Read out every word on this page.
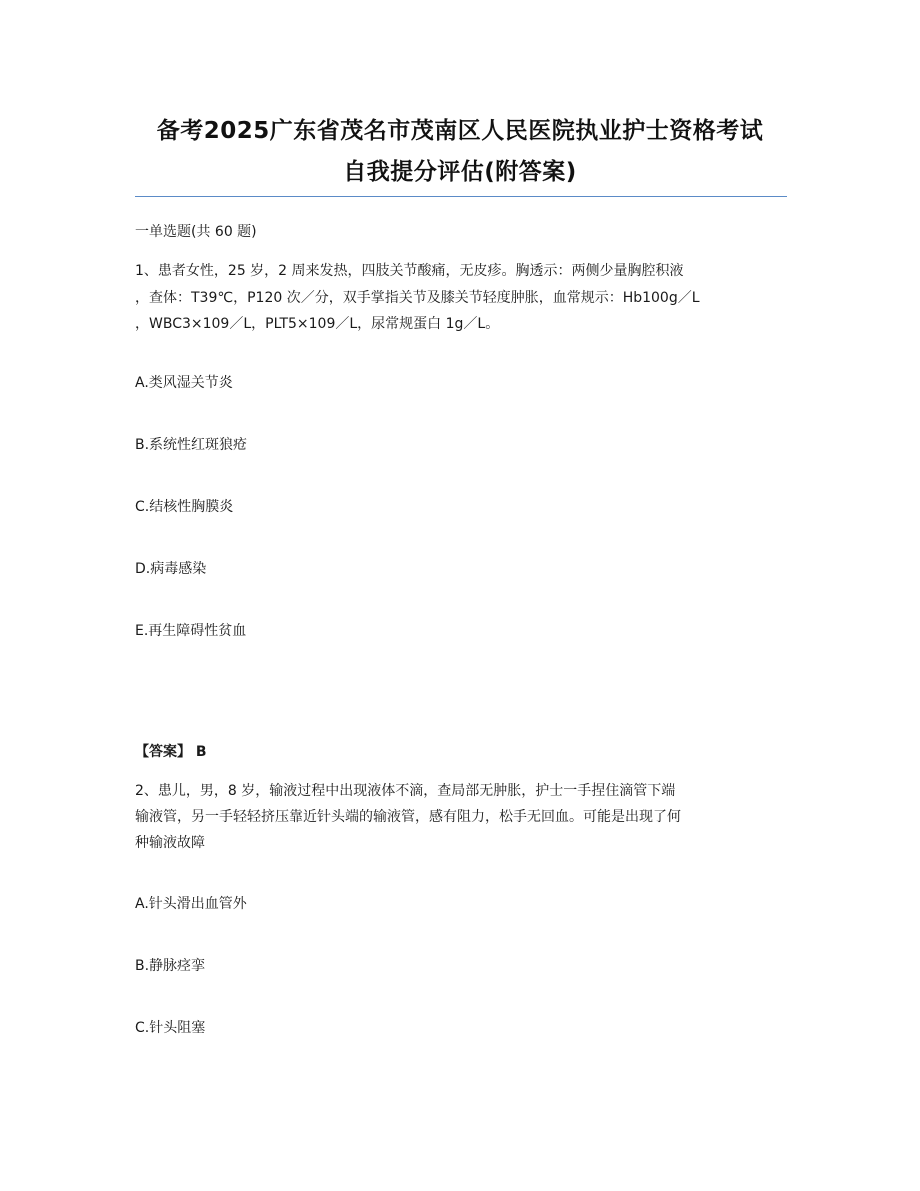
备考2025广东省茂名市茂南区人民医院执业护士资格考试
自我提分评估(附答案)
一单选题(共 60 题)
1、患者女性，25 岁，2 周来发热，四肢关节酸痛，无皮疹。胸透示：两侧少量胸腔积液
，查体：T39℃，P120 次／分，双手掌指关节及膝关节轻度肿胀，血常规示：Hb100g／L
，WBC3×109／L，PLT5×109／L，尿常规蛋白 1g／L。
A.类风湿关节炎
B.系统性红斑狼疮
C.结核性胸膜炎
D.病毒感染
E.再生障碍性贫血
【答案】 B
2、患儿，男，8 岁，输液过程中出现液体不滴，查局部无肿胀，护士一手捏住滴管下端
输液管，另一手轻轻挤压靠近针头端的输液管，感有阻力，松手无回血。可能是出现了何
种输液故障
A.针头滑出血管外
B.静脉痉挛
C.针头阻塞
